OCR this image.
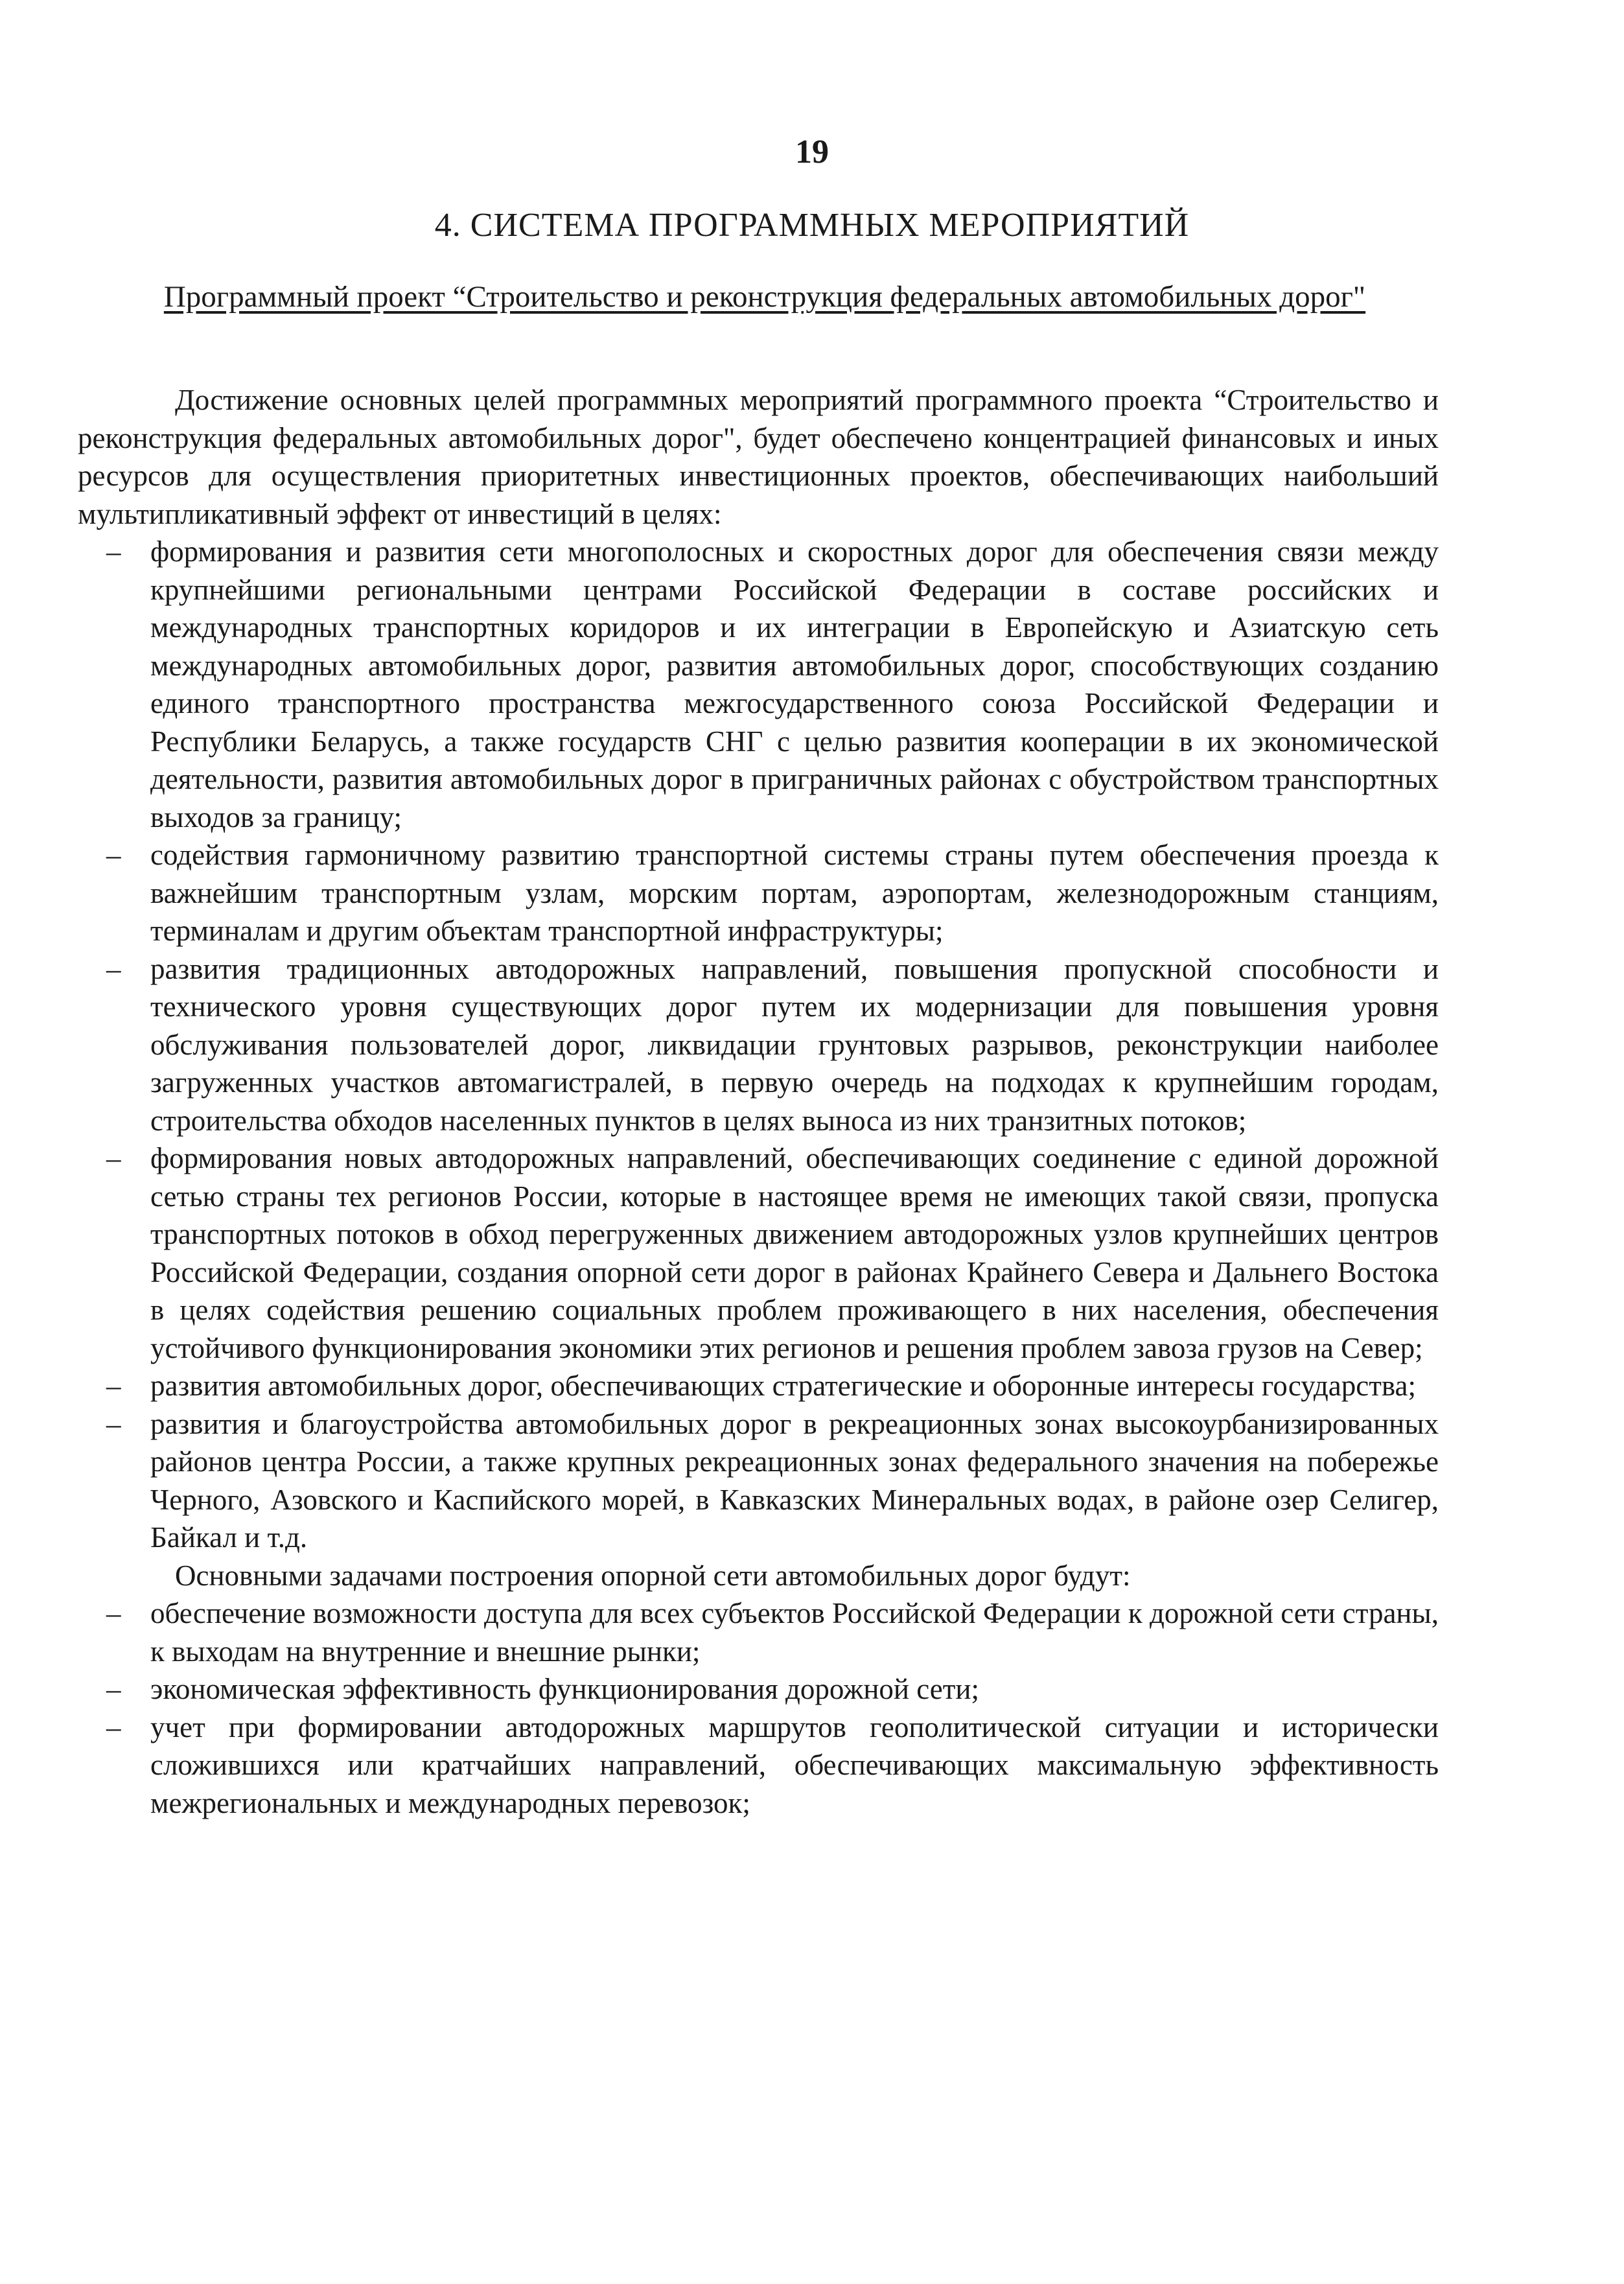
19
4. СИСТЕМА ПРОГРАММНЫХ МЕРОПРИЯТИЙ
Программный проект “Строительство и реконструкция федеральных автомобильных дорог"

Достижение основных целей программных мероприятий программного проекта “Строительство и реконструкция федеральных автомобильных дорог", будет обеспечено концентрацией финансовых и иных ресурсов для осуществления приоритетных инвестиционных проектов, обеспечивающих наибольший мультипликативный эффект от инвестиций в целях:

– формирования и развития сети многополосных и скоростных дорог для обеспечения связи между крупнейшими региональными центрами Российской Федерации в составе российских и международных транспортных коридоров и их интеграции в Европейскую и Азиатскую сеть международных автомобильных дорог, развития автомобильных дорог, способствующих созданию единого транспортного пространства межгосударственного союза Российской Федерации и Республики Беларусь, а также государств СНГ с целью развития кооперации в их экономической деятельности, развития автомобильных дорог в приграничных районах с обустройством транспортных выходов за границу;
– содействия гармоничному развитию транспортной системы страны путем обеспечения проезда к важнейшим транспортным узлам, морским портам, аэропортам, железнодорожным станциям, терминалам и другим объектам транспортной инфраструктуры;
– развития традиционных автодорожных направлений, повышения пропускной способности и технического уровня существующих дорог путем их модернизации для повышения уровня обслуживания пользователей дорог, ликвидации грунтовых разрывов, реконструкции наиболее загруженных участков автомагистралей, в первую очередь на подходах к крупнейшим городам, строительства обходов населенных пунктов в целях выноса из них транзитных потоков;
– формирования новых автодорожных направлений, обеспечивающих соединение с единой дорожной сетью страны тех регионов России, которые в настоящее время не имеющих такой связи, пропуска транспортных потоков в обход перегруженных движением автодорожных узлов крупнейших центров Российской Федерации, создания опорной сети дорог в районах Крайнего Севера и Дальнего Востока в целях содействия решению социальных проблем проживающего в них населения, обеспечения устойчивого функционирования экономики этих регионов и решения проблем завоза грузов на Север;
– развития автомобильных дорог, обеспечивающих стратегические и оборонные интересы государства;
– развития и благоустройства автомобильных дорог в рекреационных зонах высокоурбанизированных районов центра России, а также крупных рекреационных зонах федерального значения на побережье Черного, Азовского и Каспийского морей, в Кавказских Минеральных водах, в районе озер Селигер, Байкал и т.д.

Основными задачами построения опорной сети автомобильных дорог будут:

– обеспечение возможности доступа для всех субъектов Российской Федерации к дорожной сети страны, к выходам на внутренние и внешние рынки;
– экономическая эффективность функционирования дорожной сети;
– учет при формировании автодорожных маршрутов геополитической ситуации и исторически сложившихся или кратчайших направлений, обеспечивающих максимальную эффективность межрегиональных и международных перевозок;
